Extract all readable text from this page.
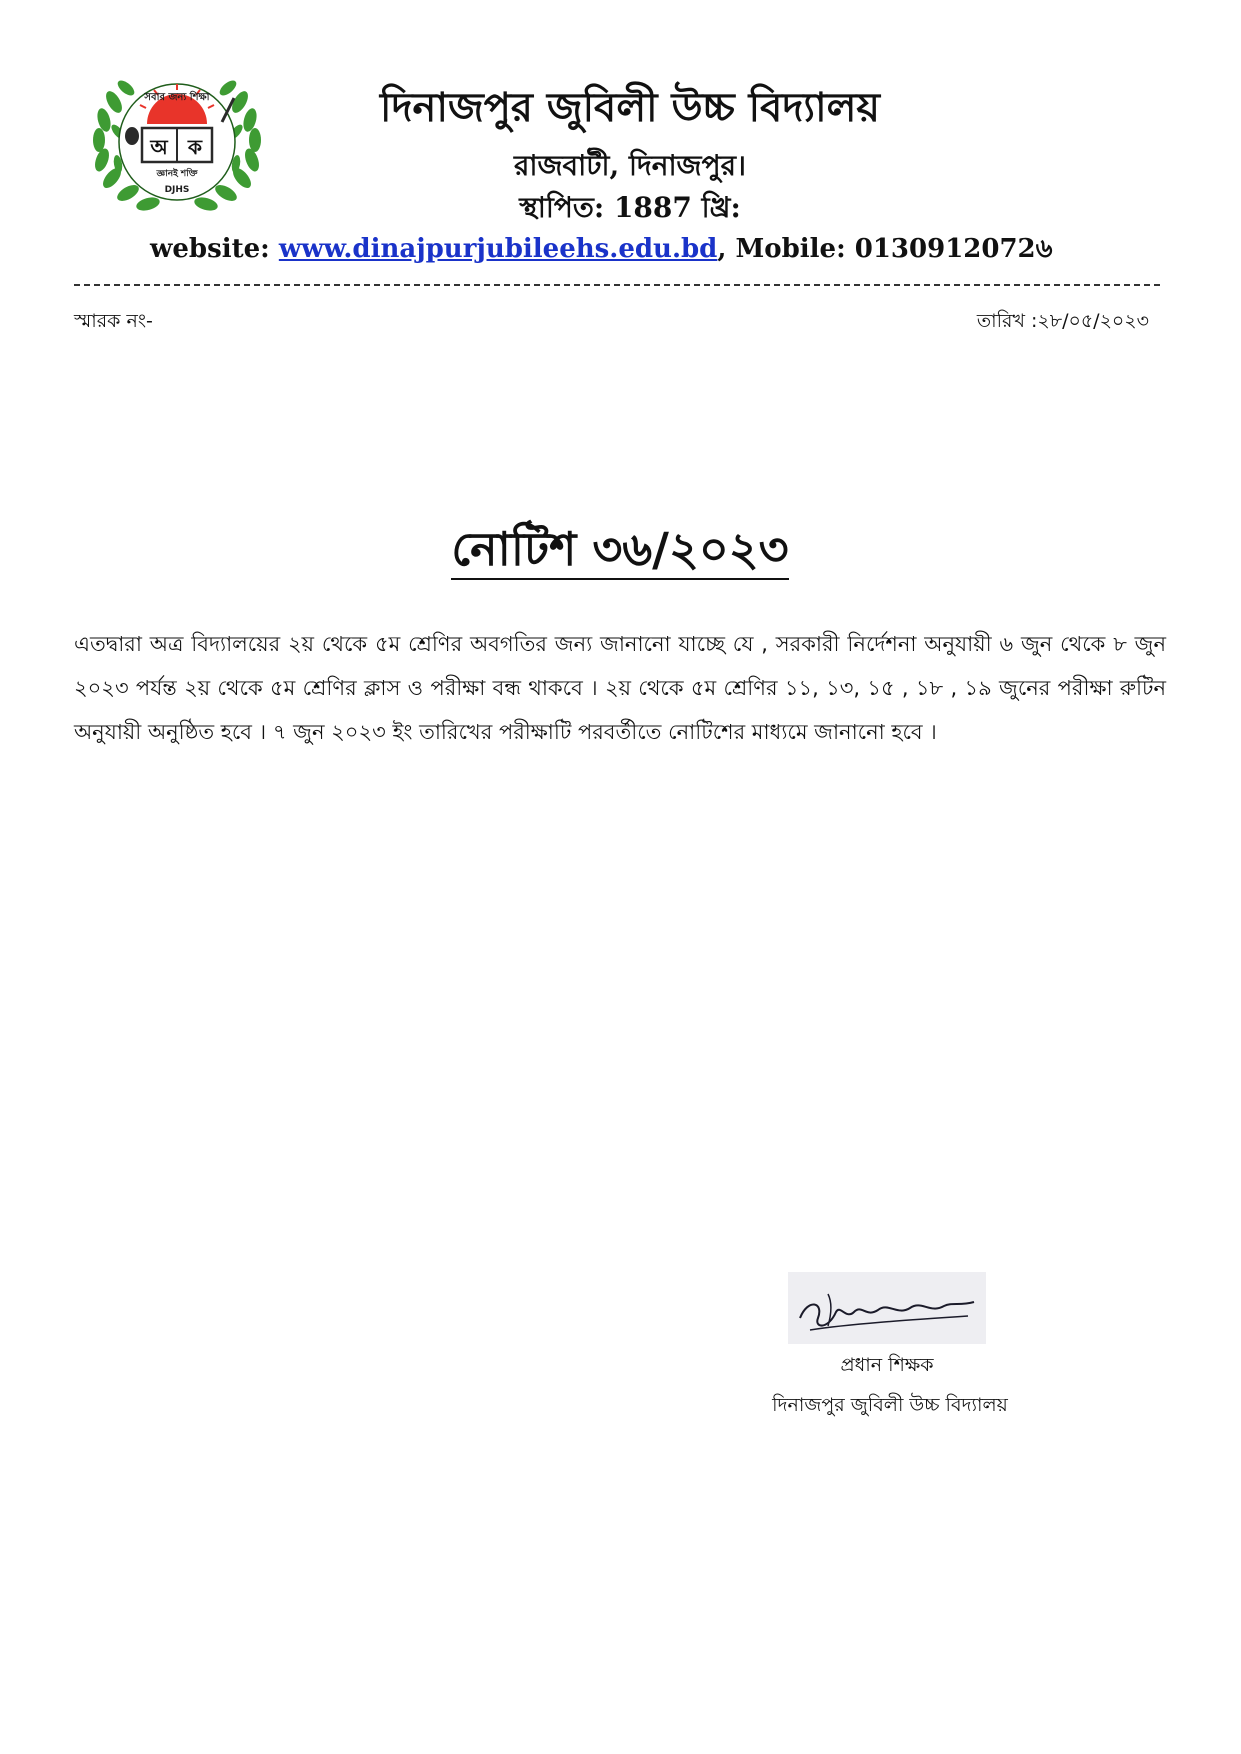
অ ক
সবার জন্য শিক্ষা
জ্ঞানই শক্তি
DJHS
দিনাজপুর জুবিলী উচ্চ বিদ্যালয়
রাজবাটী, দিনাজপুর।
স্থাপিত: 1887 খ্রি:
website: www.dinajpurjubileehs.edu.bd, Mobile: 0130912072৬
স্মারক নং-	তারিখ :২৮/০৫/২০২৩
নোটিশ ৩৬/২০২৩
এতদ্বারা অত্র বিদ্যালয়ের ২য় থেকে ৫ম শ্রেণির অবগতির জন্য জানানো যাচ্ছে যে , সরকারী নির্দেশনা অনুযায়ী ৬ জুন থেকে ৮ জুন ২০২৩ পর্যন্ত ২য় থেকে ৫ম শ্রেণির ক্লাস ও পরীক্ষা বন্ধ থাকবে । ২য় থেকে ৫ম শ্রেণির ১১, ১৩, ১৫ , ১৮ , ১৯ জুনের পরীক্ষা রুটিন অনুযায়ী অনুষ্ঠিত হবে । ৭ জুন ২০২৩ ইং তারিখের পরীক্ষাটি পরবর্তীতে নোটিশের মাধ্যমে জানানো হবে ।
প্রধান শিক্ষক
দিনাজপুর জুবিলী উচ্চ বিদ্যালয়
